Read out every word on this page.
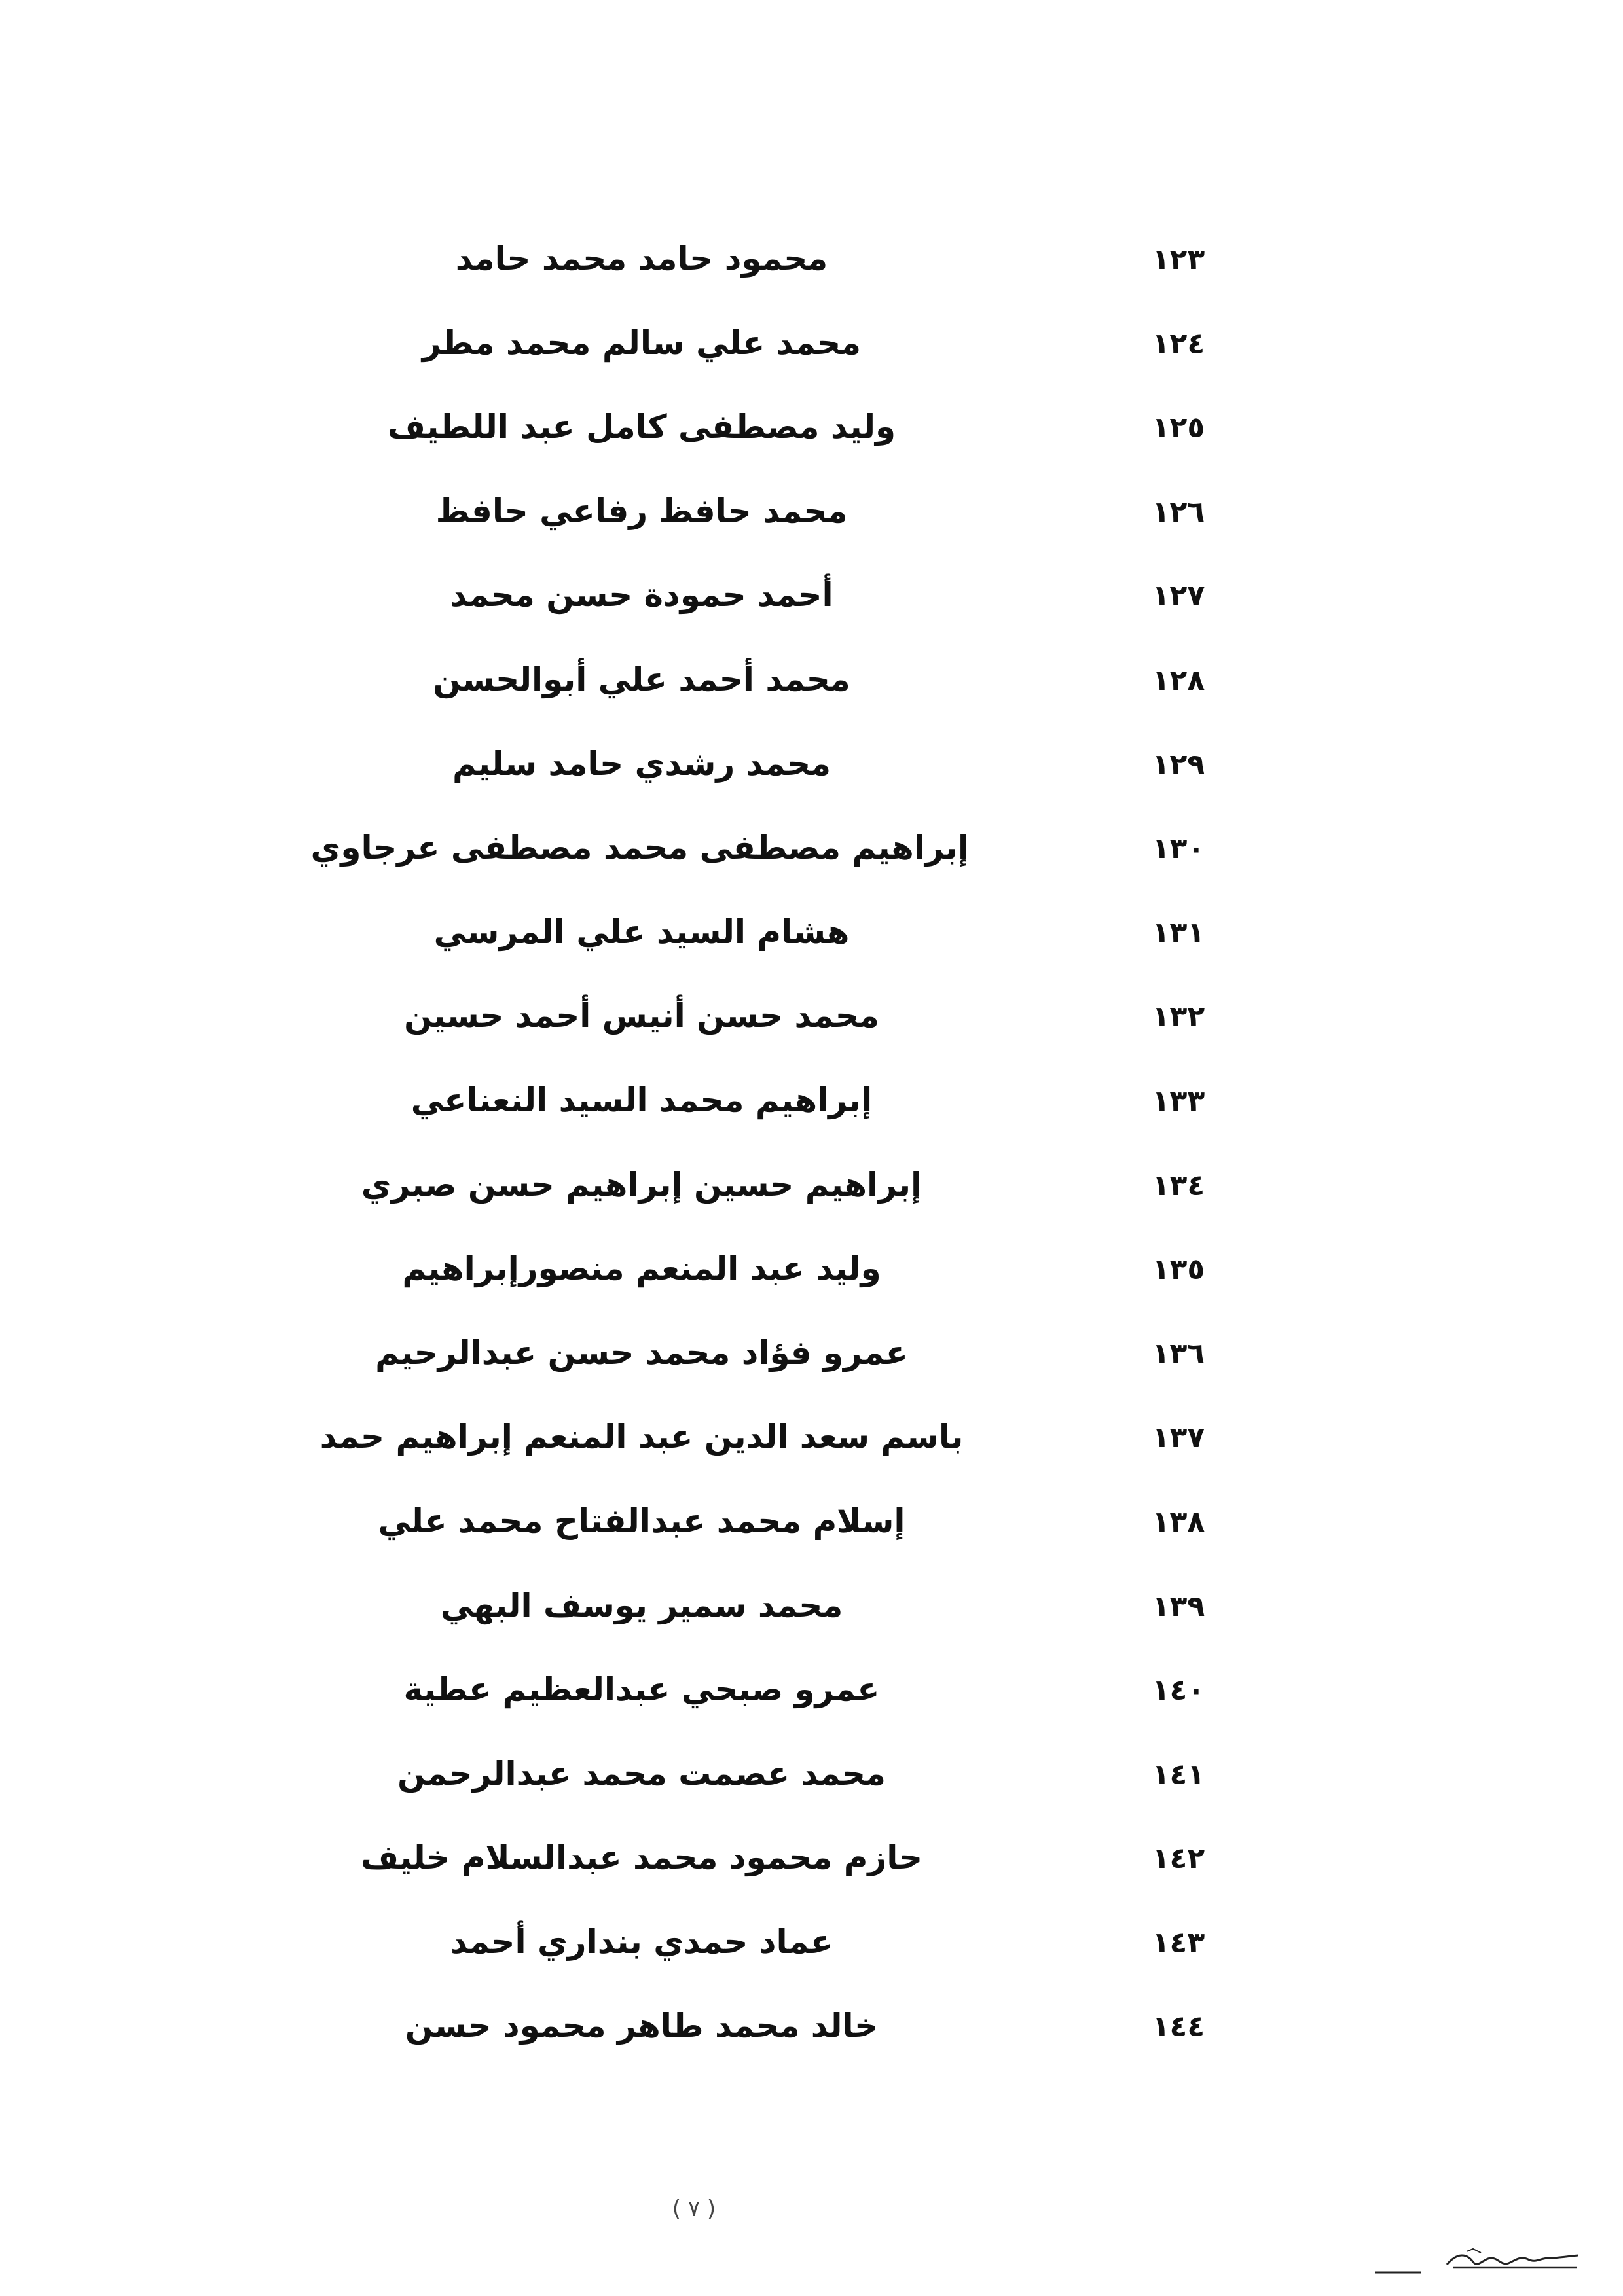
١٢٣
محمود حامد محمد حامد
١٢٤
محمد علي سالم محمد مطر
١٢٥
وليد مصطفى كامل عبد اللطيف
١٢٦
محمد حافظ رفاعي حافظ
١٢٧
أحمد حمودة حسن محمد
١٢٨
محمد أحمد علي أبوالحسن
١٢٩
محمد رشدي حامد سليم
١٣٠
إبراهيم مصطفى محمد مصطفى عرجاوي
١٣١
هشام السيد علي المرسي
١٣٢
محمد حسن أنيس أحمد حسين
١٣٣
إبراهيم محمد السيد النعناعي
١٣٤
إبراهيم حسين إبراهيم حسن صبري
١٣٥
وليد عبد المنعم منصورإبراهيم
١٣٦
عمرو فؤاد محمد حسن عبدالرحيم
١٣٧
باسم سعد الدين عبد المنعم إبراهيم حمد
١٣٨
إسلام محمد عبدالفتاح محمد علي
١٣٩
محمد سمير يوسف البهي
١٤٠
عمرو صبحي عبدالعظيم عطية
١٤١
محمد عصمت محمد عبدالرحمن
١٤٢
حازم محمود محمد عبدالسلام خليف
١٤٣
عماد حمدي بنداري أحمد
١٤٤
خالد محمد طاهر محمود حسن
( ٧ )
